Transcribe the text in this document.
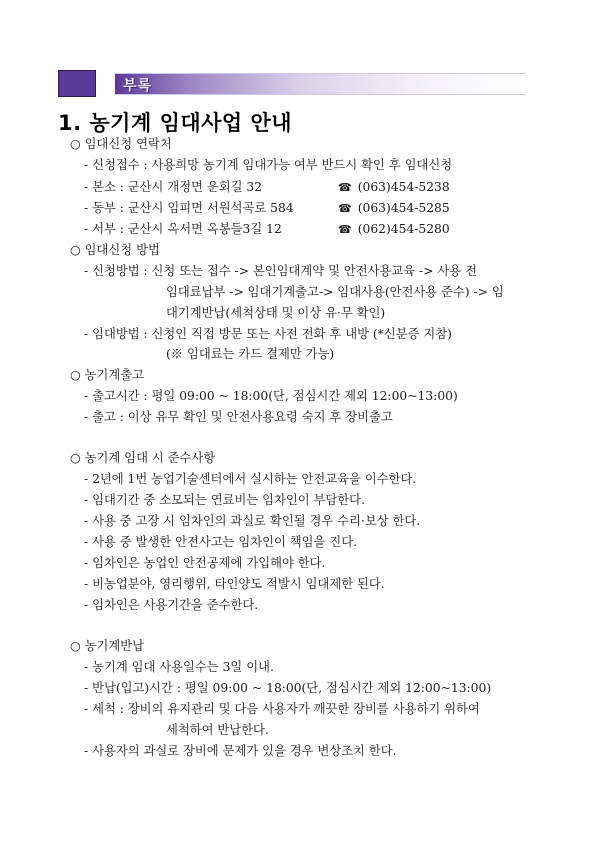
부록
1. 농기계 임대사업 안내
○ 임대신청 연락처
- 신청접수 : 사용희망 농기계 임대가능 여부 반드시 확인 후 임대신청
- 본소 : 군산시 개정면 운회길 32	☎ (063)454-5238
- 동부 : 군산시 임피면 서원석곡로 584	☎ (063)454-5285
- 서부 : 군산시 옥서면 옥봉들3길 12	☎ (062)454-5280
○ 임대신청 방법
- 신청방법 : 신청 또는 접수 -> 본인임대계약 및 안전사용교육 -> 사용 전
임대료납부 -> 임대기계출고-> 임대사용(안전사용 준수) -> 임
대기계반납(세척상태 및 이상 유·무 확인)
- 임대방법 : 신청인 직접 방문 또는 사전 전화 후 내방 (*신분증 지참)
(※ 임대료는 카드 결제만 가능)
○ 농기계출고
- 출고시간 : 평일 09:00 ~ 18:00(단, 점심시간 제외 12:00~13:00)
- 출고 : 이상 유무 확인 및 안전사용요령 숙지 후 장비출고
○ 농기계 임대 시 준수사항
- 2년에 1번 농업기술센터에서 실시하는 안전교육을 이수한다.
- 임대기간 중 소모되는 연료비는 임차인이 부담한다.
- 사용 중 고장 시 임차인의 과실로 확인될 경우 수리·보상 한다.
- 사용 중 발생한 안전사고는 임차인이 책임을 진다.
- 임차인은 농업인 안전공제에 가입해야 한다.
- 비농업분야, 영리행위, 타인양도 적발시 임대제한 된다.
- 임차인은 사용기간을 준수한다.
○ 농기계반납
- 농기계 임대 사용일수는 3일 이내.
- 반납(입고)시간 : 평일 09:00 ~ 18:00(단, 점심시간 제외 12:00~13:00)
- 세척 : 장비의 유지관리 및 다음 사용자가 깨끗한 장비를 사용하기 위하여
세척하여 반납한다.
- 사용자의 과실로 장비에 문제가 있을 경우 변상조치 한다.
